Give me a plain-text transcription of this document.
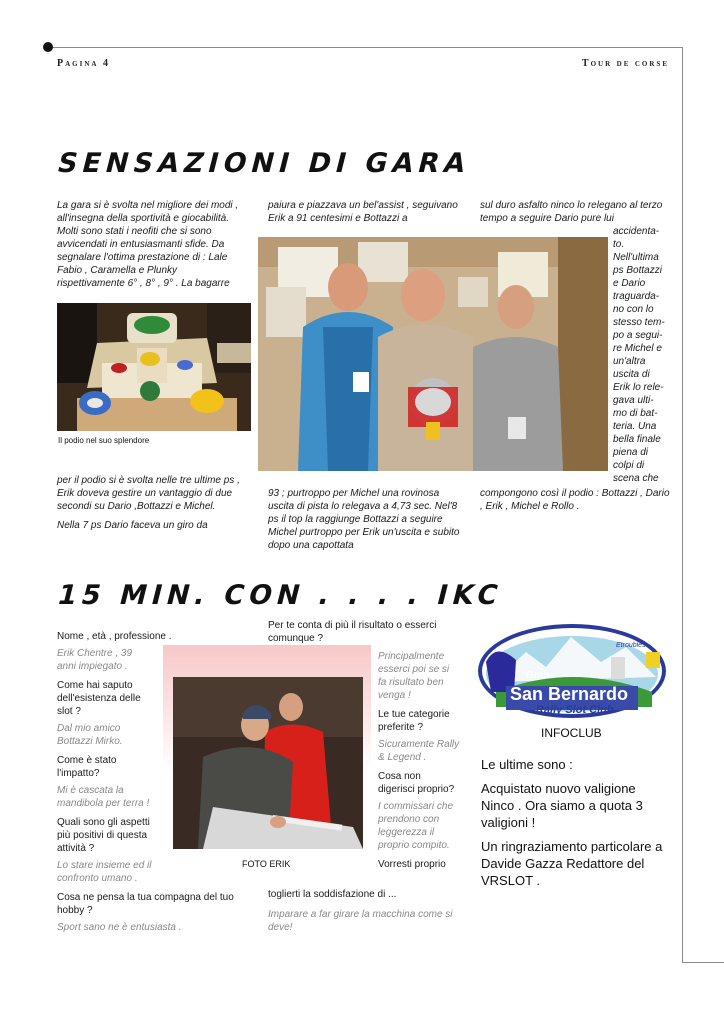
Pagina 4	Tour de corse
SENSAZIONI DI GARA

La gara si è svolta nel migliore dei modi , all'insegna della sportività e giocabilità. Molti sono stati i neofiti che si sono avvicendati in entusiasmanti sfide. Da segnalare l'ottima prestazione di : Lale Fabio , Caramella e Plunky rispettivamente 6° , 8° , 9° . La bagarre

Il podio nel suo splendore

per il podio si è svolta nelle tre ultime ps , Erik doveva gestire un vantaggio di due secondi su Dario ,Bottazzi e Michel.

Nella 7 ps Dario faceva un giro da

paiura e piazzava un bel'assist , seguivano Erik a 91 centesimi e Bottazzi a

93 ; purtroppo per Michel una rovinosa uscita di pista lo relegava a 4,73 sec. Nel'8 ps il top la raggiunge Bottazzi a seguire Michel purtroppo per Erik un'uscita e subito dopo una capottata

sul duro asfalto ninco lo relegano al terzo tempo a seguire Dario pure lui

accidenta-
to.
Nell'ultima
ps Bottazzi
e Dario
traguarda-
no con lo
stesso tem-
po a segui-
re Michel e
un'altra
uscita di
Erik lo rele-
gava ulti-
mo di bat-
teria. Una
bella finale
piena di
colpi di
scena che

compongono così il podio : Bottazzi , Dario , Erik , Michel e Rollo .

15 MIN. CON . . . . IKC
Nome , età , professione .
Erik Chentre , 39 anni impiegato .
Come hai saputo dell'esistenza delle slot ?
Dal mio amico Bottazzi Mirko.
Come è stato l'impatto?
Mi è cascata la mandibola per terra !
Quali sono gli aspetti più positivi di questa attività ?
Lo stare insieme ed il confronto umano .
Cosa ne pensa la tua compagna del tuo hobby ?
Sport sano ne è entusiasta .
Per te conta di più il risultato o esserci comunque ?
FOTO ERIK
Principalmente esserci poi se si fa risultato ben venga !
Le tue categorie preferite ?
Sicuramente Rally & Legend .
Cosa non digerisci proprio?
I commissari che prendono con leggerezza il proprio compito.
Vorresti proprio
toglierti la soddisfazione di ...
Imparare a far girare la macchina come si deve!
Gran
Etroubles
San Bernardo
Rally Slot Club
INFOCLUB
Le ultime sono :
Acquistato nuovo valigione Ninco . Ora siamo a quota 3 valigioni !
Un ringraziamento particolare a Davide Gazza Redattore del VRSLOT .
